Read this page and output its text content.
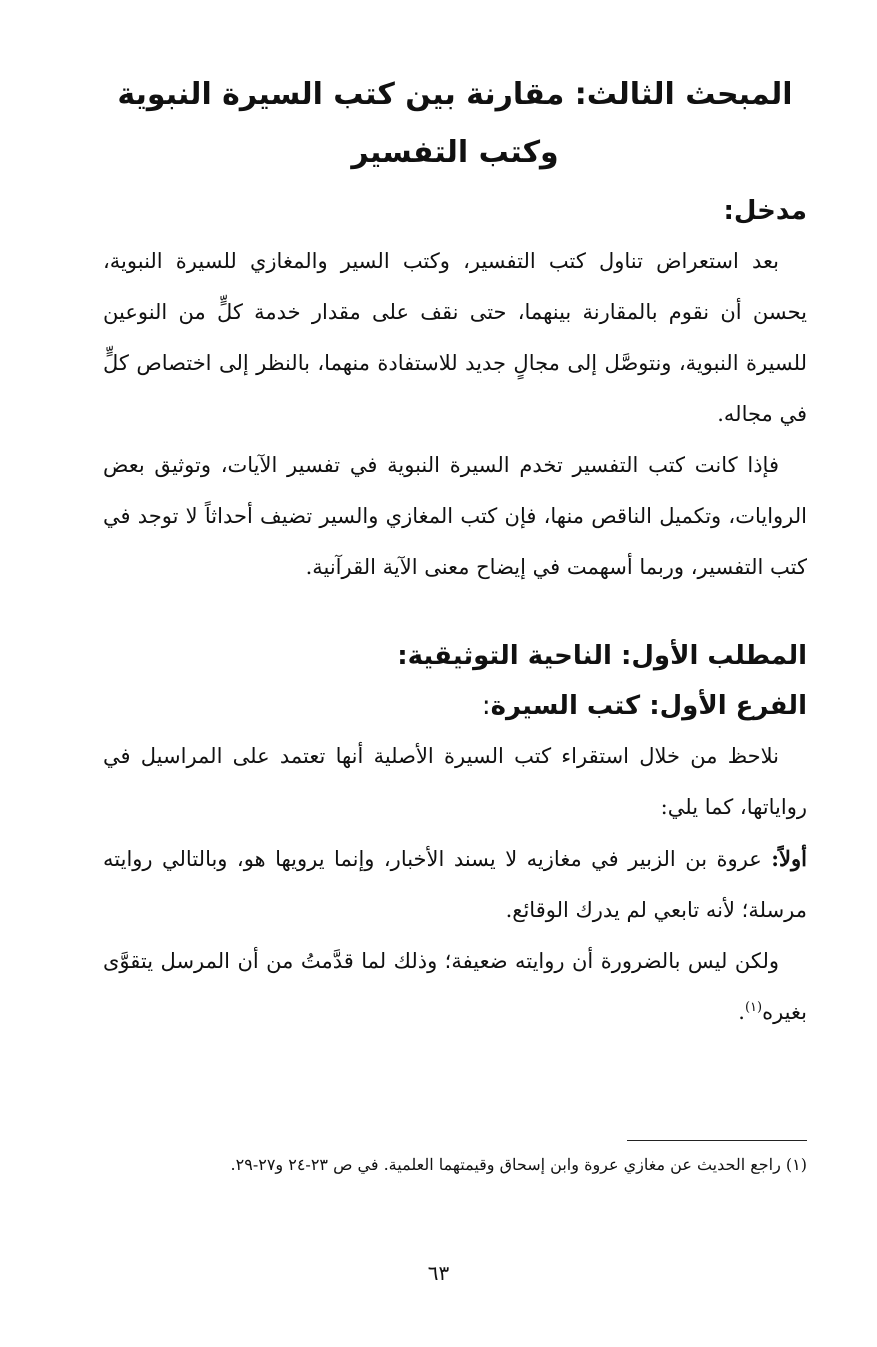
المبحث الثالث: مقارنة بين كتب السيرة النبوية وكتب التفسير
مدخل:

بعد استعراض تناول كتب التفسير، وكتب السير والمغازي للسيرة النبوية، يحسن أن نقوم بالمقارنة بينهما، حتى نقف على مقدار خدمة كلٍّ من النوعين للسيرة النبوية، ونتوصَّل إلى مجالٍ جديد للاستفادة منهما، بالنظر إلى اختصاص كلٍّ في مجاله.

فإذا كانت كتب التفسير تخدم السيرة النبوية في تفسير الآيات، وتوثيق بعض الروايات، وتكميل الناقص منها، فإن كتب المغازي والسير تضيف أحداثاً لا توجد في كتب التفسير، وربما أسهمت في إيضاح معنى الآية القرآنية.

المطلب الأول: الناحية التوثيقية:
الفرع الأول: كتب السيرة:

نلاحظ من خلال استقراء كتب السيرة الأصلية أنها تعتمد على المراسيل في رواياتها، كما يلي:

أولاً: عروة بن الزبير في مغازيه لا يسند الأخبار، وإنما يرويها هو، وبالتالي روايته مرسلة؛ لأنه تابعي لم يدرك الوقائع.

ولكن ليس بالضرورة أن روايته ضعيفة؛ وذلك لما قدَّمتُ من أن المرسل يتقوَّى بغيره$^{(١)}$.

(١) راجع الحديث عن مغازي عروة وابن إسحاق وقيمتهما العلمية. في ص ٢٣-٢٤ و٢٧-٢٩.
٦٣
